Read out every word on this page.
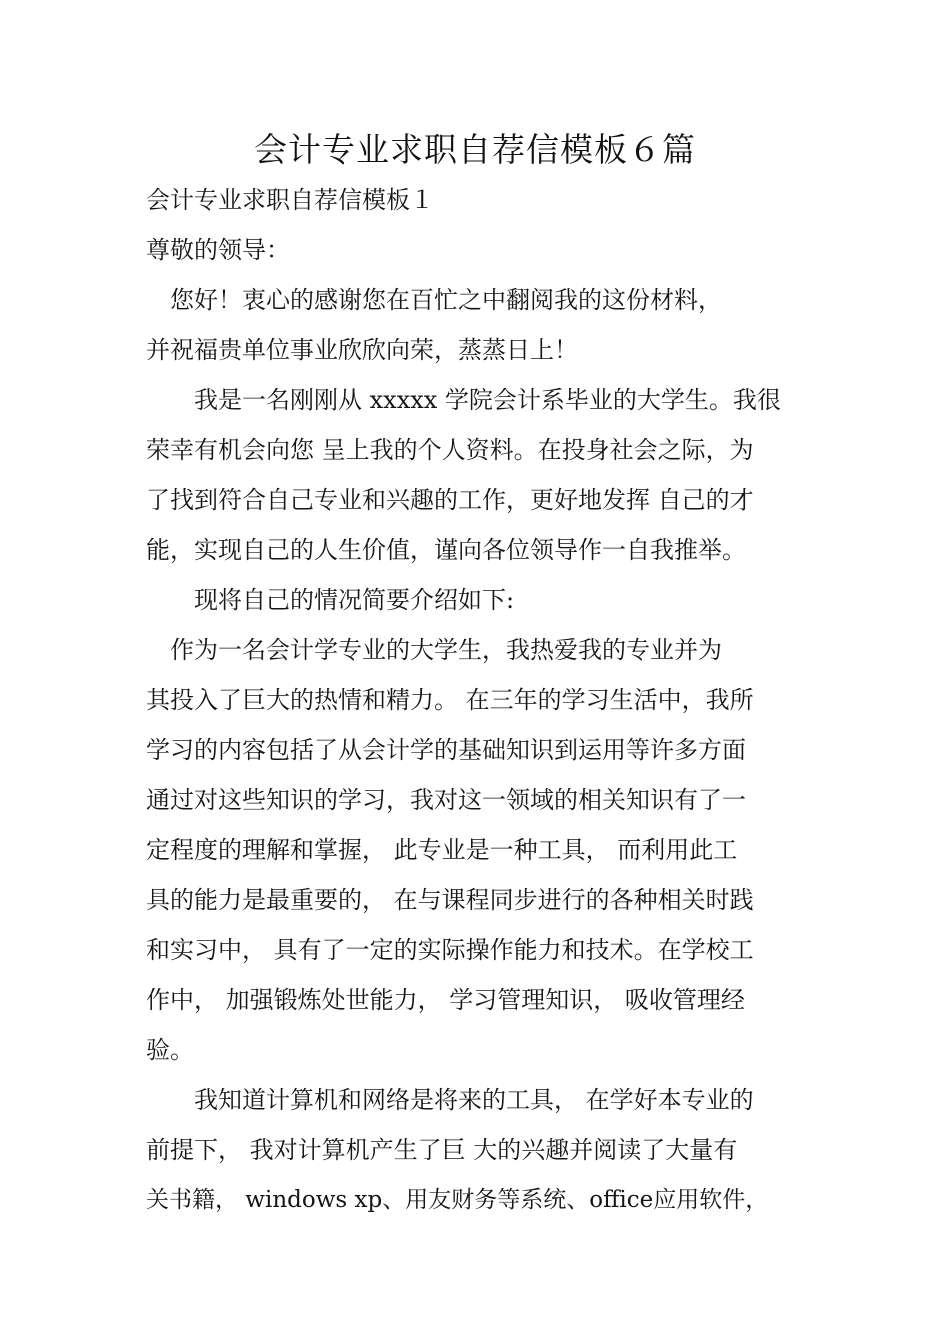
会计专业求职自荐信模板６篇
会计专业求职自荐信模板１
尊敬的领导：
　您好！衷心的感谢您在百忙之中翻阅我的这份材料，
并祝福贵单位事业欣欣向荣，蒸蒸日上！
我是一名刚刚从 xxxxx 学院会计系毕业的大学生。我很
荣幸有机会向您 呈上我的个人资料。在投身社会之际，为
了找到符合自己专业和兴趣的工作，更好地发挥 自己的才
能，实现自己的人生价值，谨向各位领导作一自我推举。
现将自己的情况简要介绍如下:
　作为一名会计学专业的大学生，我热爱我的专业并为
其投入了巨大的热情和精力。 在三年的学习生活中，我所
学习的内容包括了从会计学的基础知识到运用等许多方面
通过对这些知识的学习，我对这一领域的相关知识有了一
定程度的理解和掌握， 此专业是一种工具， 而利用此工
具的能力是最重要的， 在与课程同步进行的各种相关时践
和实习中， 具有了一定的实际操作能力和技术。在学校工
作中， 加强锻炼处世能力， 学习管理知识， 吸收管理经
验。
我知道计算机和网络是将来的工具， 在学好本专业的
前提下， 我对计算机产生了巨 大的兴趣并阅读了大量有
关书籍， windows xp、用友财务等系统、office应用软件，
